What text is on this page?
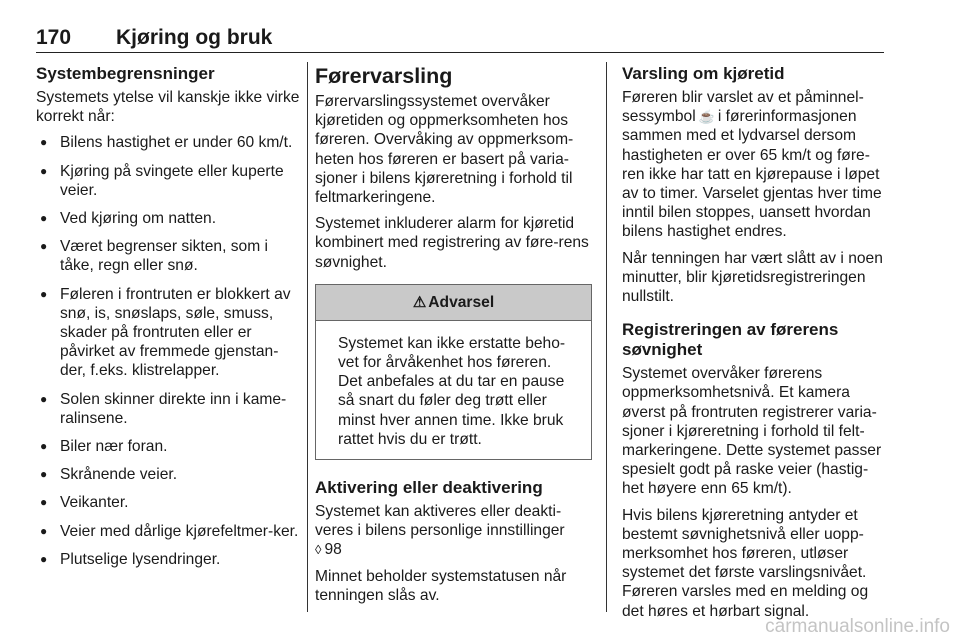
170 Kjøring og bruk
Systembegrensninger

Systemets ytelse vil kanskje ikke virke korrekt når:

● Bilens hastighet er under 60 km/t.
● Kjøring på svingete eller kuperte veier.
● Ved kjøring om natten.
● Været begrenser sikten, som i tåke, regn eller snø.
● Føleren i frontruten er blokkert av snø, is, snøslaps, søle, smuss, skader på frontruten eller er påvirket av fremmede gjenstan-der, f.eks. klistrelapper.
● Solen skinner direkte inn i kame-ralinsene.
● Biler nær foran.
● Skrånende veier.
● Veikanter.
● Veier med dårlige kjørefeltmer-ker.
● Plutselige lysendringer.
Førervarsling

Førervarslingssystemet overvåker kjøretiden og oppmerksomheten hos føreren. Overvåking av oppmerksom-heten hos føreren er basert på varia-sjoner i bilens kjøreretning i forhold til feltmarkeringene.

Systemet inkluderer alarm for kjøretid kombinert med registrering av føre-rens søvnighet.

⚠ Advarsel

Systemet kan ikke erstatte beho-vet for årvåkenhet hos føreren. Det anbefales at du tar en pause så snart du føler deg trøtt eller minst hver annen time. Ikke bruk rattet hvis du er trøtt.

Aktivering eller deaktivering

Systemet kan aktiveres eller deakti-veres i bilens personlige innstillinger
◊ 98

Minnet beholder systemstatusen når tenningen slås av.

Varsling om kjøretid

Føreren blir varslet av et påminnel-sessymbol ☕ i førerinformasjonen sammen med et lydvarsel dersom hastigheten er over 65 km/t og føre-ren ikke har tatt en kjørepause i løpet av to timer. Varselet gjentas hver time inntil bilen stoppes, uansett hvordan bilens hastighet endres.

Når tenningen har vært slått av i noen minutter, blir kjøretidsregistreringen nullstilt.

Registreringen av førerens søvnighet

Systemet overvåker førerens oppmerksomhetsnivå. Et kamera øverst på frontruten registrerer varia-sjoner i kjøreretning i forhold til felt-markeringene. Dette systemet passer spesielt godt på raske veier (hastig-het høyere enn 65 km/t).

Hvis bilens kjøreretning antyder et bestemt søvnighetsnivå eller uopp-merksomhet hos føreren, utløser systemet det første varslingsnivået. Føreren varsles med en melding og det høres et hørbart signal.

carmanualsonline.info
